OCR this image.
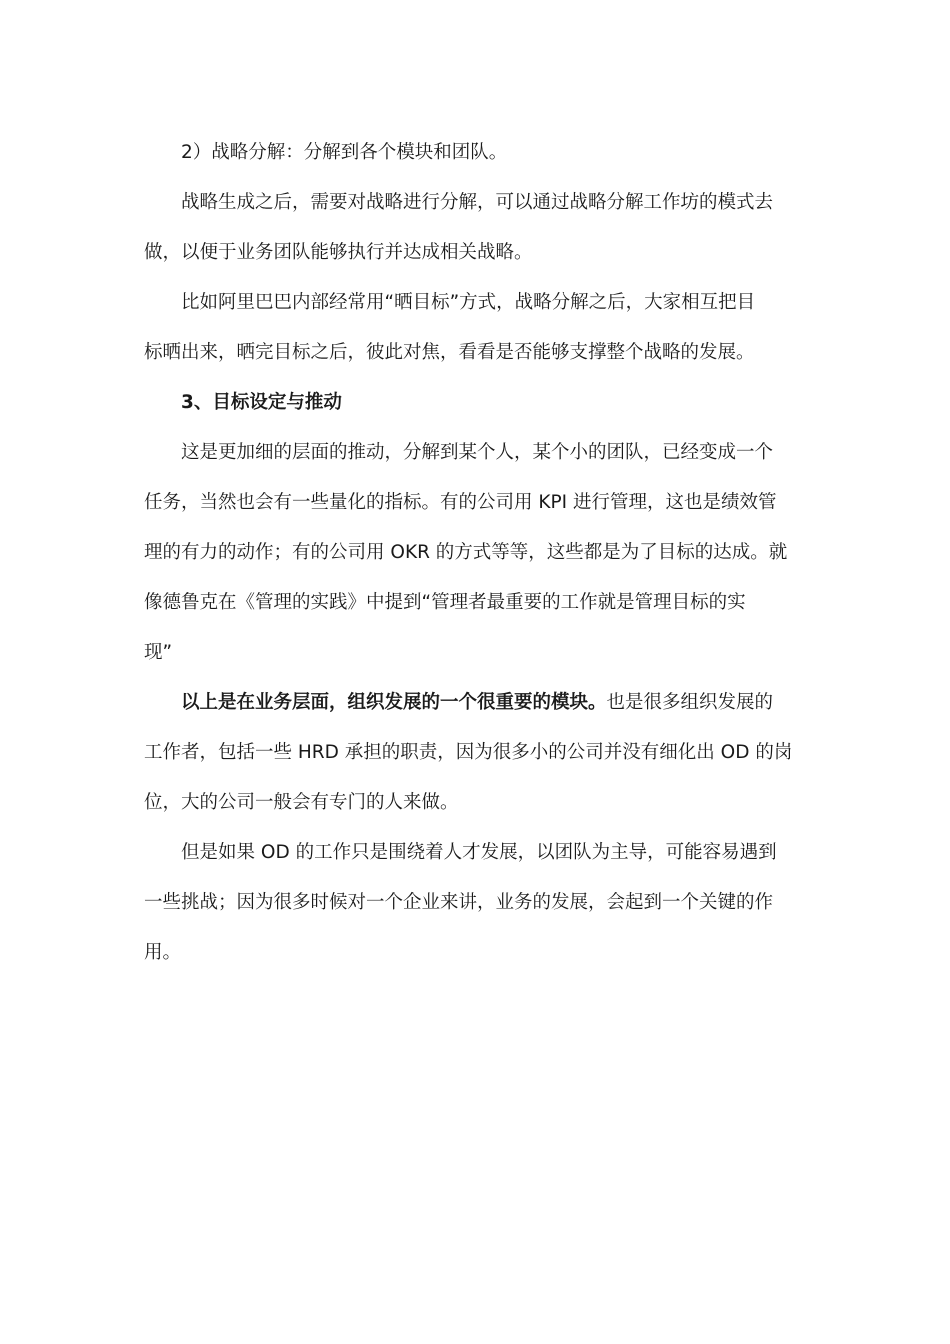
2）战略分解：分解到各个模块和团队。
战略生成之后，需要对战略进行分解，可以通过战略分解工作坊的模式去
做，以便于业务团队能够执行并达成相关战略。
比如阿里巴巴内部经常用“晒目标”方式，战略分解之后，大家相互把目
标晒出来，晒完目标之后，彼此对焦，看看是否能够支撑整个战略的发展。
3、目标设定与推动
这是更加细的层面的推动，分解到某个人，某个小的团队，已经变成一个
任务，当然也会有一些量化的指标。有的公司用 KPI 进行管理，这也是绩效管
理的有力的动作；有的公司用 OKR 的方式等等，这些都是为了目标的达成。就
像德鲁克在《管理的实践》中提到“管理者最重要的工作就是管理目标的实
现”
以上是在业务层面，组织发展的一个很重要的模块。也是很多组织发展的
工作者，包括一些 HRD 承担的职责，因为很多小的公司并没有细化出 OD 的岗
位，大的公司一般会有专门的人来做。
但是如果 OD 的工作只是围绕着人才发展，以团队为主导，可能容易遇到
一些挑战；因为很多时候对一个企业来讲，业务的发展，会起到一个关键的作
用。
